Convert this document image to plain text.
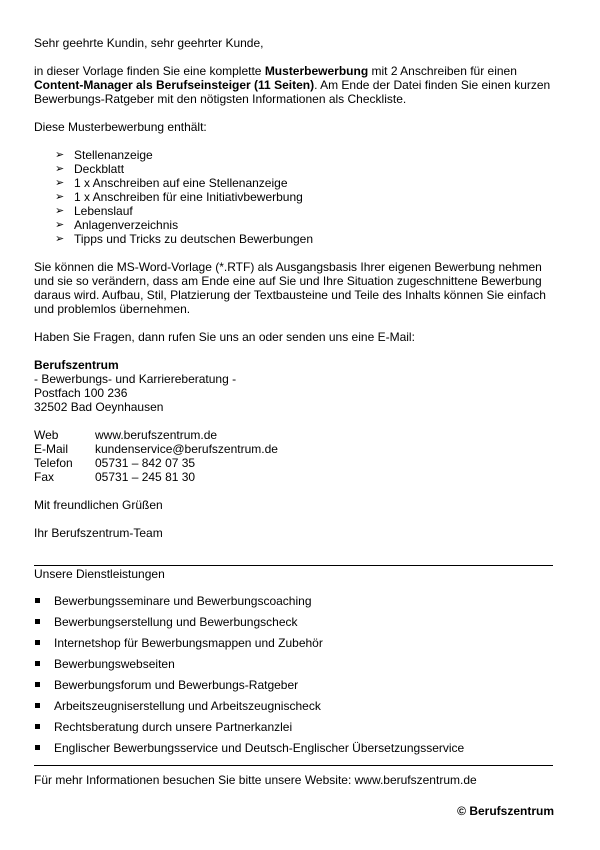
Sehr geehrte Kundin, sehr geehrter Kunde,

in dieser Vorlage finden Sie eine komplette Musterbewerbung mit 2 Anschreiben für einen
Content-Manager als Berufseinsteiger (11 Seiten). Am Ende der Datei finden Sie einen kurzen
Bewerbungs-Ratgeber mit den nötigsten Informationen als Checkliste.

Diese Musterbewerbung enthält:

➢ Stellenanzeige
➢ Deckblatt
➢ 1 x Anschreiben auf eine Stellenanzeige
➢ 1 x Anschreiben für eine Initiativbewerbung
➢ Lebenslauf
➢ Anlagenverzeichnis
➢ Tipps und Tricks zu deutschen Bewerbungen

Sie können die MS-Word-Vorlage (*.RTF) als Ausgangsbasis Ihrer eigenen Bewerbung nehmen
und sie so verändern, dass am Ende eine auf Sie und Ihre Situation zugeschnittene Bewerbung
daraus wird. Aufbau, Stil, Platzierung der Textbausteine und Teile des Inhalts können Sie einfach
und problemlos übernehmen.

Haben Sie Fragen, dann rufen Sie uns an oder senden uns eine E-Mail:

Berufszentrum
- Bewerbungs- und Karriereberatung -
Postfach 100 236
32502 Bad Oeynhausen

Web	www.berufszentrum.de
E-Mail	kundenservice@berufszentrum.de
Telefon	05731 – 842 07 35
Fax	05731 – 245 81 30

Mit freundlichen Grüßen

Ihr Berufszentrum-Team

Unsere Dienstleistungen
Bewerbungsseminare und Bewerbungscoaching
Bewerbungserstellung und Bewerbungscheck
Internetshop für Bewerbungsmappen und Zubehör
Bewerbungswebseiten
Bewerbungsforum und Bewerbungs-Ratgeber
Arbeitszeugniserstellung und Arbeitszeugnischeck
Rechtsberatung durch unsere Partnerkanzlei
Englischer Bewerbungsservice und Deutsch-Englischer Übersetzungsservice
Für mehr Informationen besuchen Sie bitte unsere Website: www.berufszentrum.de
© Berufszentrum
